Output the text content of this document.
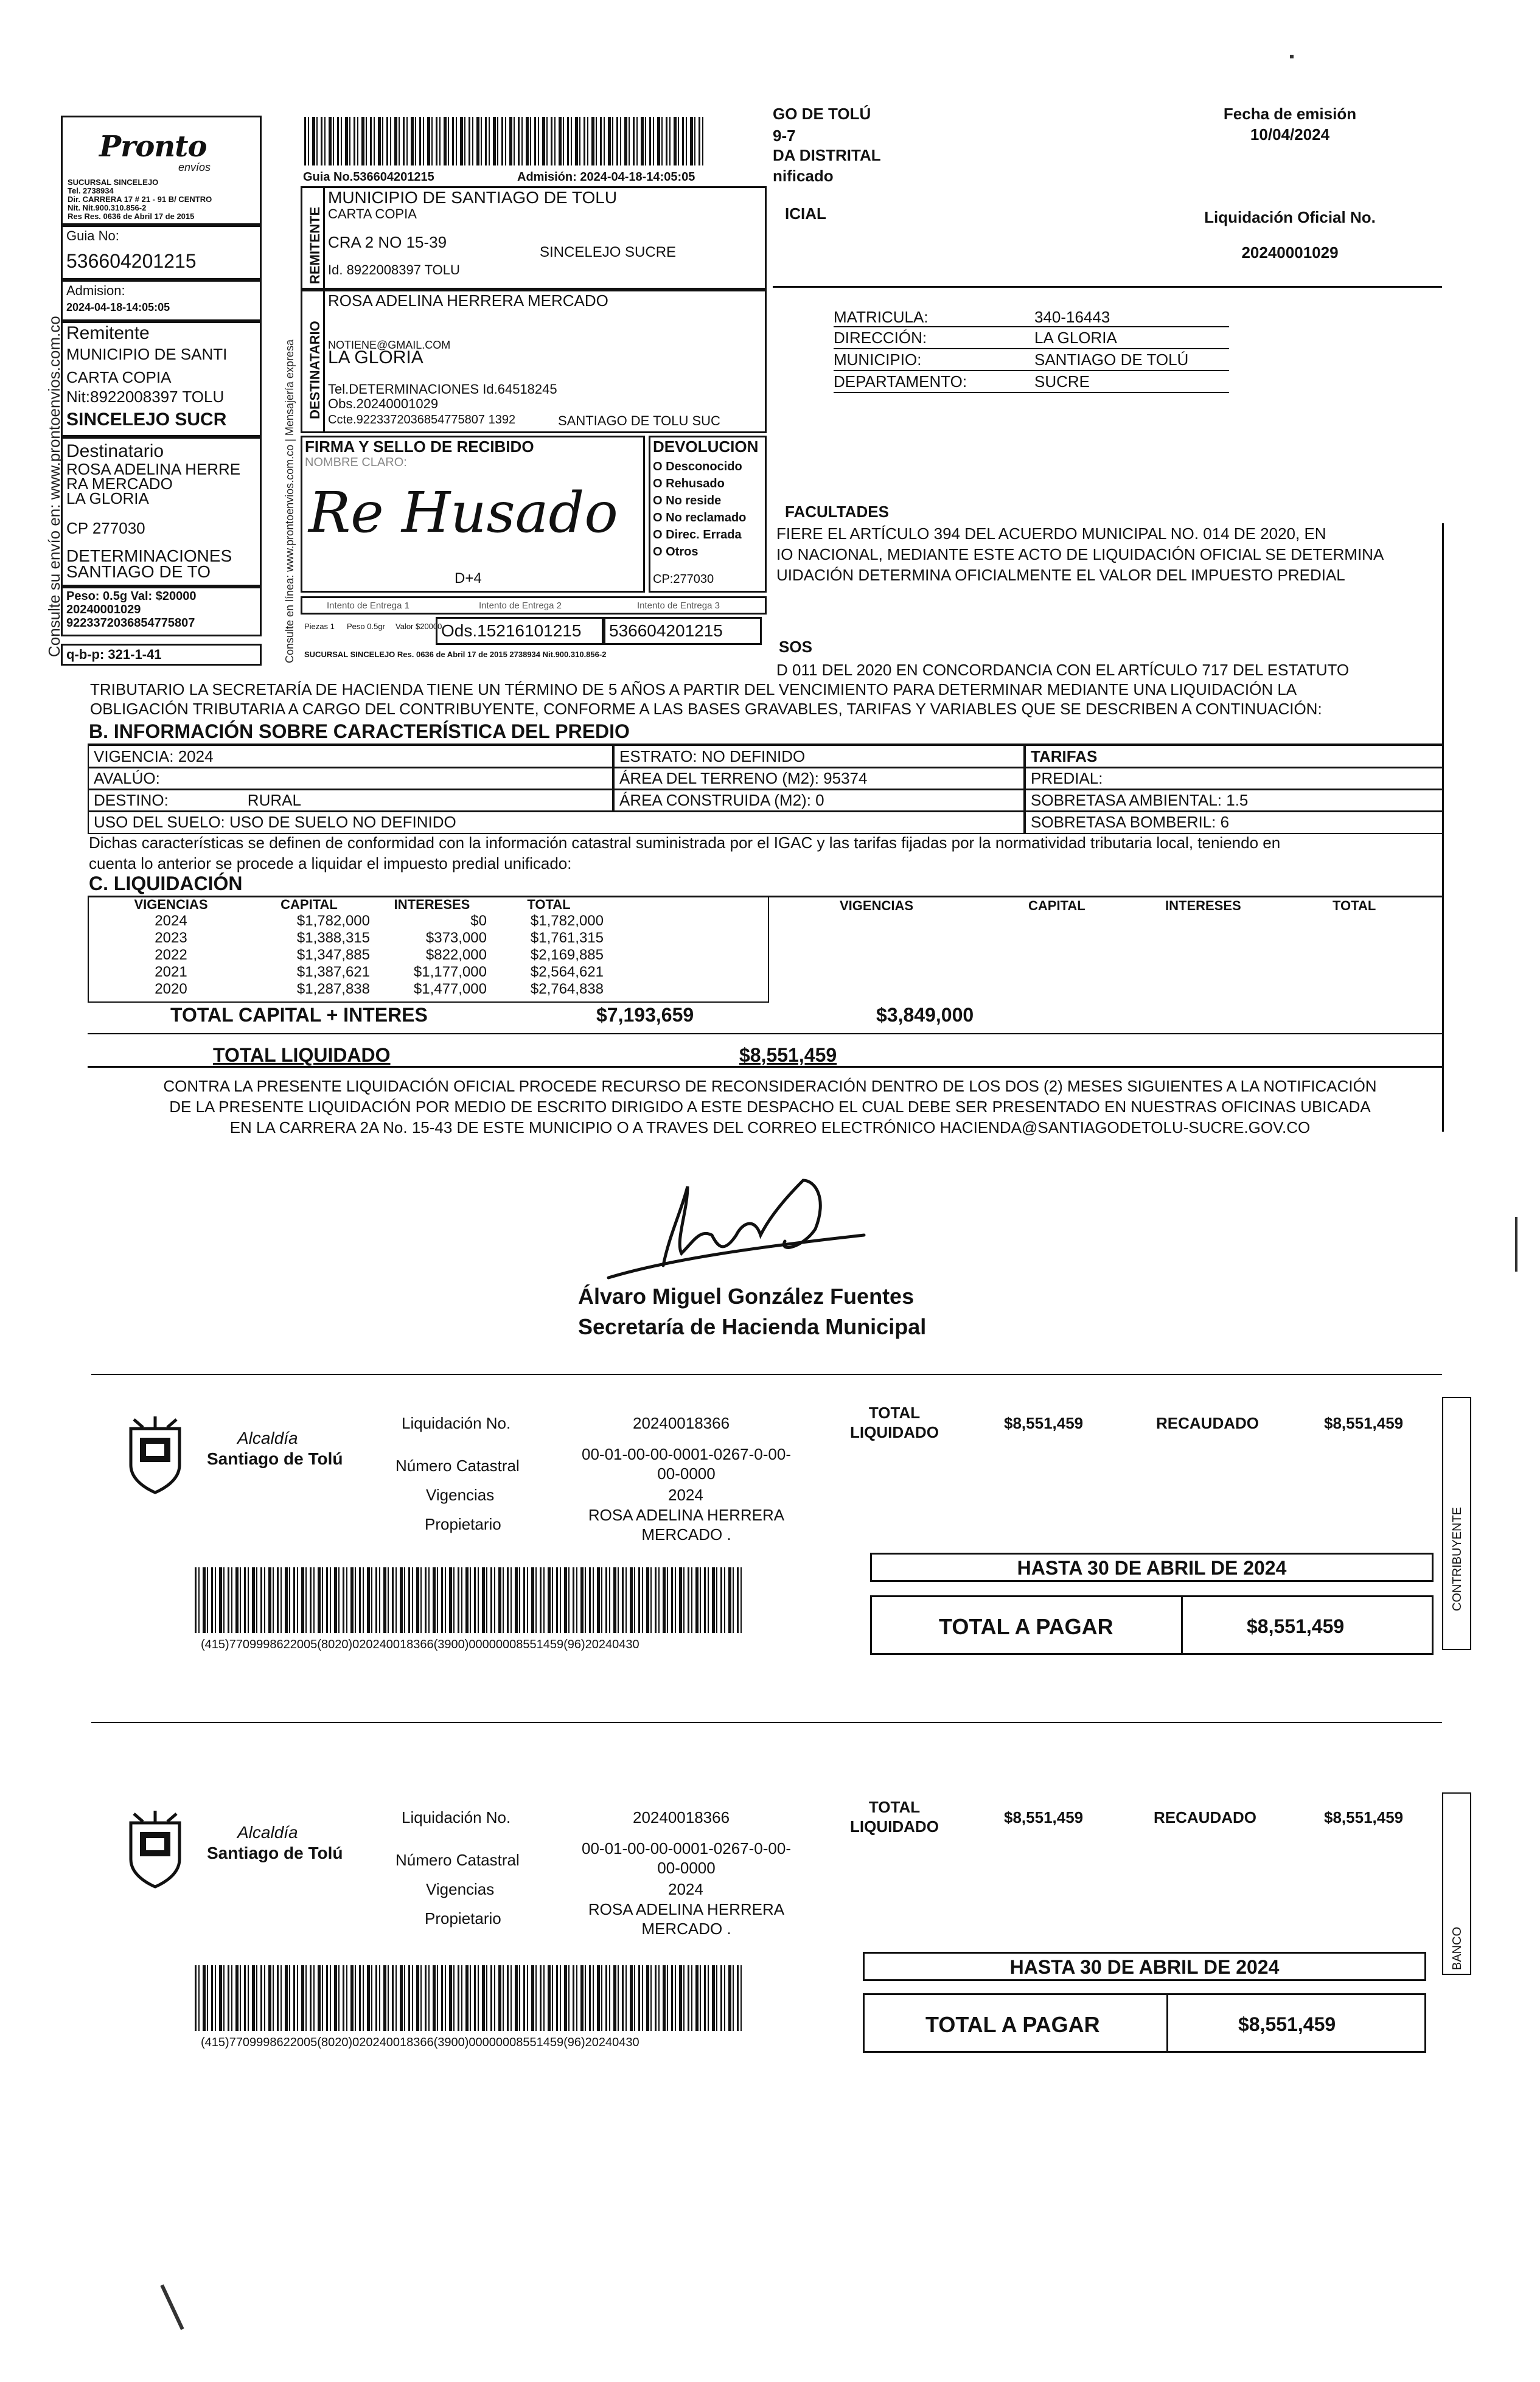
GO DE TOLÚ
9-7
DA DISTRITAL
nificado
ICIAL
Fecha de emisión
10/04/2024
Liquidación Oficial No.
20240001029
Pronto
envíos
SUCURSAL SINCELEJO
Tel. 2738934
Dir. CARRERA 17 # 21 - 91 B/ CENTRO
Nit. Nit.900.310.856-2
Res Res. 0636 de Abril 17 de 2015
Guia No:
536604201215
Admision:
2024-04-18-14:05:05
Remitente
MUNICIPIO DE SANTI
CARTA COPIA
Nit:8922008397 TOLU
SINCELEJO SUCR
Destinatario
ROSA ADELINA HERRE
RA MERCADO
LA GLORIA
CP 277030
DETERMINACIONES
SANTIAGO DE TO
Peso: 0.5g Val: $20000
20240001029
9223372036854775807
q-b-p: 321-1-41
Consulte su envío en: www.prontoenvios.com.co
Guia No.536604201215	Admisión: 2024-04-18-14:05:05
REMITENTE
MUNICIPIO DE SANTIAGO DE TOLU
CARTA COPIA
CRA 2 NO 15-39
SINCELEJO SUCRE
Id. 8922008397 TOLU
DESTINATARIO
ROSA ADELINA HERRERA MERCADO
NOTIENE@GMAIL.COM
LA GLORIA
Tel.DETERMINACIONES Id.64518245
Obs.20240001029
Ccte.9223372036854775807 1392	SANTIAGO DE TOLU SUC
Consulte en línea: www.prontoenvios.com.co | Mensajería expresa FIRMA Y SELLO DE RECIBIDO
NOMBRE CLARO:
Re Husado
D+4
DEVOLUCION
O Desconocido
O Rehusado
O No reside
O No reclamado
O Direc. Errada
O Otros
CP:277030
Intento de Entrega 1	Intento de Entrega 2	Intento de Entrega 3
Piezas 1 Peso 0.5gr Valor $20000
Ods.15216101215 536604201215
SUCURSAL SINCELEJO Res. 0636 de Abril 17 de 2015 2738934 Nit.900.310.856-2
MATRICULA:	340-16443
DIRECCIÓN:	LA GLORIA
MUNICIPIO:	SANTIAGO DE TOLÚ
DEPARTAMENTO:	SUCRE
FACULTADES
FIERE EL ARTÍCULO 394 DEL ACUERDO MUNICIPAL NO. 014 DE 2020, EN
IO NACIONAL, MEDIANTE ESTE ACTO DE LIQUIDACIÓN OFICIAL SE DETERMINA
UIDACIÓN DETERMINA OFICIALMENTE EL VALOR DEL IMPUESTO PREDIAL
SOS
D 011 DEL 2020 EN CONCORDANCIA CON EL ARTÍCULO 717 DEL ESTATUTO
TRIBUTARIO LA SECRETARÍA DE HACIENDA TIENE UN TÉRMINO DE 5 AÑOS A PARTIR DEL VENCIMIENTO PARA DETERMINAR MEDIANTE UNA LIQUIDACIÓN LA
OBLIGACIÓN TRIBUTARIA A CARGO DEL CONTRIBUYENTE, CONFORME A LAS BASES GRAVABLES, TARIFAS Y VARIABLES QUE SE DESCRIBEN A CONTINUACIÓN:
B. INFORMACIÓN SOBRE CARACTERÍSTICA DEL PREDIO
VIGENCIA: 2024	ESTRATO: NO DEFINIDO	TARIFAS
AVALÚO:	ÁREA DEL TERRENO (M2): 95374	PREDIAL:
DESTINO:	RURAL	ÁREA CONSTRUIDA (M2): 0	SOBRETASA AMBIENTAL: 1.5
USO DEL SUELO: USO DE SUELO NO DEFINIDO	SOBRETASA BOMBERIL: 6
Dichas características se definen de conformidad con la información catastral suministrada por el IGAC y las tarifas fijadas por la normatividad tributaria local, teniendo en
cuenta lo anterior se procede a liquidar el impuesto predial unificado:
C. LIQUIDACIÓN
VIGENCIAS	CAPITAL	INTERESES	TOTAL
2024	$1,782,000	$0	$1,782,000
2023	$1,388,315	$373,000	$1,761,315
2022	$1,347,885	$822,000	$2,169,885
2021	$1,387,621	$1,177,000	$2,564,621
2020	$1,287,838	$1,477,000	$2,764,838
VIGENCIAS	CAPITAL	INTERESES	TOTAL
TOTAL CAPITAL + INTERES	$7,193,659	$3,849,000
TOTAL LIQUIDADO	$8,551,459
CONTRA LA PRESENTE LIQUIDACIÓN OFICIAL PROCEDE RECURSO DE RECONSIDERACIÓN DENTRO DE LOS DOS (2) MESES SIGUIENTES A LA NOTIFICACIÓN
DE LA PRESENTE LIQUIDACIÓN POR MEDIO DE ESCRITO DIRIGIDO A ESTE DESPACHO EL CUAL DEBE SER PRESENTADO EN NUESTRAS OFICINAS UBICADA
EN LA CARRERA 2A No. 15-43 DE ESTE MUNICIPIO O A TRAVES DEL CORREO ELECTRÓNICO HACIENDA@SANTIAGODETOLU-SUCRE.GOV.CO
Álvaro Miguel González Fuentes
Secretaría de Hacienda Municipal
Alcaldía
Santiago de Tolú
Liquidación No.	20240018366
Número Catastral
00-01-00-00-0001-0267-0-00-
00-0000
Vigencias	2024
Propietario	ROSA ADELINA HERRERA
MERCADO .
TOTAL
LIQUIDADO	$8,551,459	RECAUDADO	$8,551,459
CONTRIBUYENTE
HASTA 30 DE ABRIL DE 2024
TOTAL A PAGAR	$8,551,459
(415)7709998622005(8020)020240018366(3900)00000008551459(96)20240430
Alcaldía
Santiago de Tolú
Liquidación No.	20240018366
Número Catastral
00-01-00-00-0001-0267-0-00-
00-0000
Vigencias	2024
Propietario	ROSA ADELINA HERRERA
MERCADO .
TOTAL
LIQUIDADO	$8,551,459	RECAUDADO	$8,551,459
BANCO
HASTA 30 DE ABRIL DE 2024
TOTAL A PAGAR	$8,551,459
(415)7709998622005(8020)020240018366(3900)00000008551459(96)20240430
